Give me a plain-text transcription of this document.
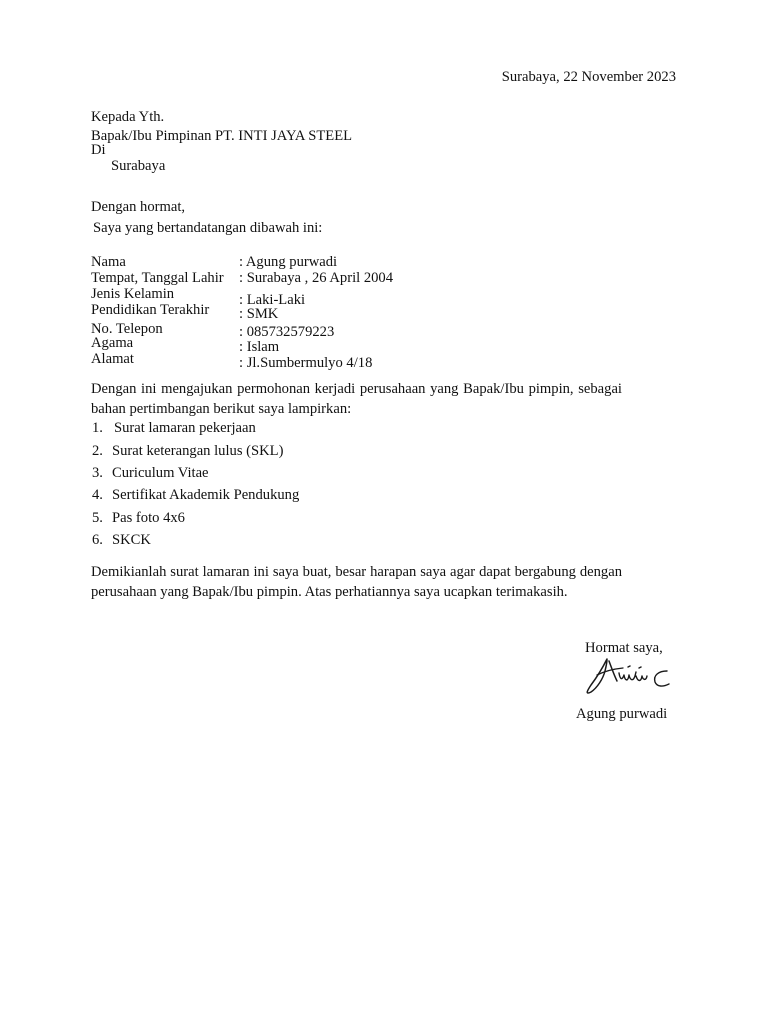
Surabaya, 22 November 2023
Kepada Yth.
Bapak/Ibu Pimpinan PT. INTI JAYA STEEL
Di
Surabaya
Dengan hormat,
Saya yang bertandatangan dibawah ini:
Nama
Tempat, Tanggal Lahir
Jenis Kelamin
Pendidikan Terakhir
No. Telepon
Agama
Alamat
: Agung purwadi
: Surabaya , 26 April 2004
: Laki-Laki
: SMK
: 085732579223
: Islam
: Jl.Sumbermulyo 4/18
Dengan ini mengajukan permohonan kerjadi perusahaan yang Bapak/Ibu pimpin, sebagai bahan pertimbangan berikut saya lampirkan:
1. Surat lamaran pekerjaan
2. Surat keterangan lulus (SKL)
3. Curiculum Vitae
4. Sertifikat Akademik Pendukung
5. Pas foto 4x6
6. SKCK
Demikianlah surat lamaran ini saya buat, besar harapan saya agar dapat bergabung dengan perusahaan yang Bapak/Ibu pimpin. Atas perhatiannya saya ucapkan terimakasih.
Hormat saya,
Agung purwadi
